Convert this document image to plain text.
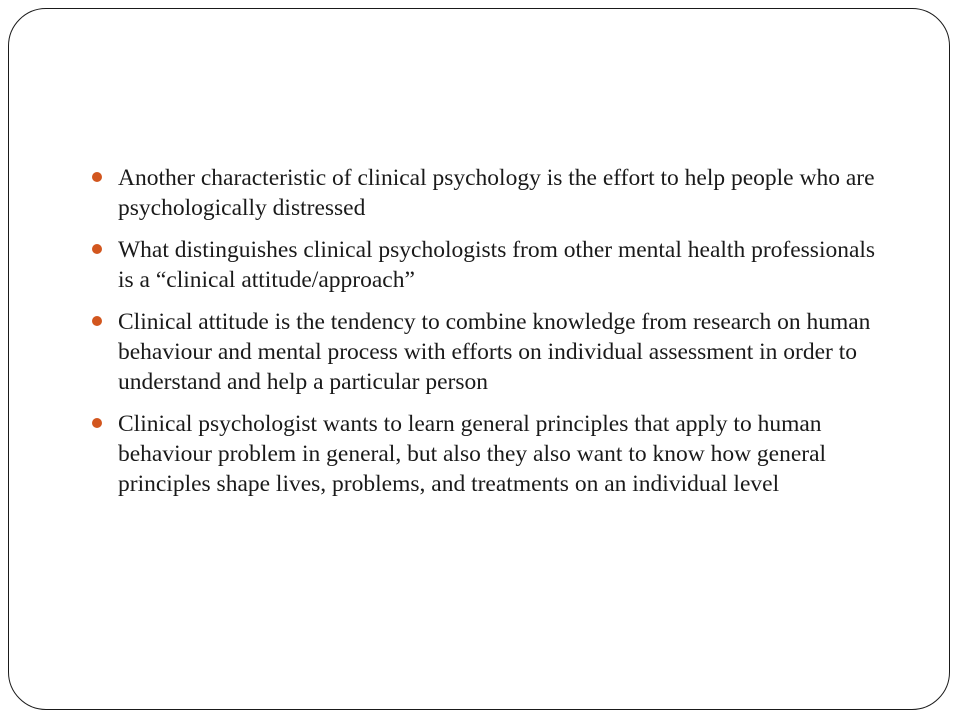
Another characteristic of clinical psychology is the effort to help people who are psychologically distressed
What distinguishes clinical psychologists from other mental health professionals is a “clinical attitude/approach”
Clinical attitude is the tendency to combine knowledge from research on human behaviour and mental process with efforts on individual assessment in order to understand and help a particular person
Clinical psychologist wants to learn general principles that apply to human behaviour problem in general, but also they also want to know how general principles shape lives, problems, and treatments on an individual level
